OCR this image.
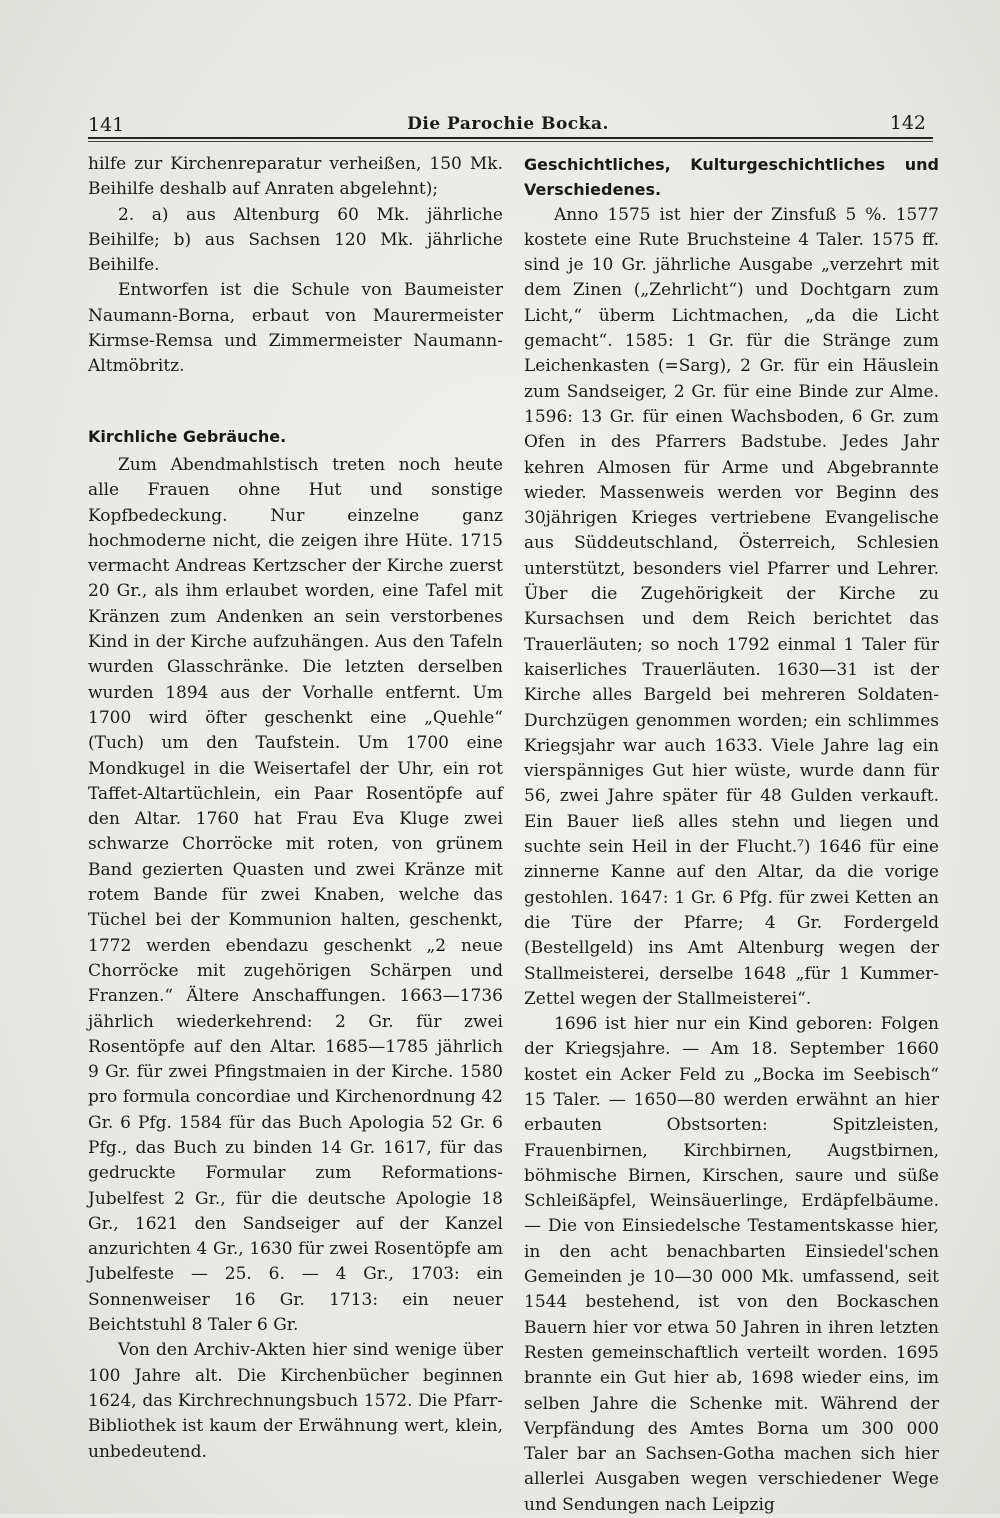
141	Die Parochie Bocka.	142

hilfe zur Kirchenreparatur verheißen, 150 Mk. Beihilfe deshalb auf Anraten abgelehnt);

2. a) aus Altenburg 60 Mk. jährliche Beihilfe; b) aus Sachsen 120 Mk. jährliche Beihilfe.

Entworfen ist die Schule von Baumeister Naumann-Borna, erbaut von Maurermeister Kirmse-Remsa und Zimmermeister Naumann-Altmöbritz.

Kirchliche Gebräuche.

Zum Abendmahlstisch treten noch heute alle Frauen ohne Hut und sonstige Kopfbedeckung. Nur einzelne ganz hochmoderne nicht, die zeigen ihre Hüte. 1715 vermacht Andreas Kertzscher der Kirche zuerst 20 Gr., als ihm erlaubet worden, eine Tafel mit Kränzen zum Andenken an sein verstorbenes Kind in der Kirche aufzuhängen. Aus den Tafeln wurden Glasschränke. Die letzten derselben wurden 1894 aus der Vorhalle entfernt. Um 1700 wird öfter geschenkt eine „Quehle“ (Tuch) um den Taufstein. Um 1700 eine Mondkugel in die Weisertafel der Uhr, ein rot Taffet-Altartüchlein, ein Paar Rosentöpfe auf den Altar. 1760 hat Frau Eva Kluge zwei schwarze Chorröcke mit roten, von grünem Band gezierten Quasten und zwei Kränze mit rotem Bande für zwei Knaben, welche das Tüchel bei der Kommunion halten, geschenkt, 1772 werden ebendazu geschenkt „2 neue Chorröcke mit zugehörigen Schärpen und Franzen.“ Ältere Anschaffungen. 1663—1736 jährlich wiederkehrend: 2 Gr. für zwei Rosentöpfe auf den Altar. 1685—1785 jährlich 9 Gr. für zwei Pfingstmaien in der Kirche. 1580 pro formula concordiae und Kirchenordnung 42 Gr. 6 Pfg. 1584 für das Buch Apologia 52 Gr. 6 Pfg., das Buch zu binden 14 Gr. 1617, für das gedruckte Formular zum Reformations-Jubelfest 2 Gr., für die deutsche Apologie 18 Gr., 1621 den Sandseiger auf der Kanzel anzurichten 4 Gr., 1630 für zwei Rosentöpfe am Jubelfeste — 25. 6. — 4 Gr., 1703: ein Sonnenweiser 16 Gr. 1713: ein neuer Beichtstuhl 8 Taler 6 Gr.

Von den Archiv-Akten hier sind wenige über 100 Jahre alt. Die Kirchenbücher beginnen 1624, das Kirchrechnungsbuch 1572. Die Pfarr-Bibliothek ist kaum der Erwähnung wert, klein, unbedeutend.

Geschichtliches, Kulturgeschichtliches und Verschiedenes.

Anno 1575 ist hier der Zinsfuß 5 %. 1577 kostete eine Rute Bruchsteine 4 Taler. 1575 ff. sind je 10 Gr. jährliche Ausgabe „verzehrt mit dem Zinen („Zehrlicht“) und Dochtgarn zum Licht,“ überm Lichtmachen, „da die Licht gemacht“. 1585: 1 Gr. für die Stränge zum Leichenkasten (=Sarg), 2 Gr. für ein Häuslein zum Sandseiger, 2 Gr. für eine Binde zur Alme. 1596: 13 Gr. für einen Wachsboden, 6 Gr. zum Ofen in des Pfarrers Badstube. Jedes Jahr kehren Almosen für Arme und Abgebrannte wieder. Massenweis werden vor Beginn des 30jährigen Krieges vertriebene Evangelische aus Süddeutschland, Österreich, Schlesien unterstützt, besonders viel Pfarrer und Lehrer. Über die Zugehörigkeit der Kirche zu Kursachsen und dem Reich berichtet das Trauerläuten; so noch 1792 einmal 1 Taler für kaiserliches Trauerläuten. 1630—31 ist der Kirche alles Bargeld bei mehreren Soldaten-Durchzügen genommen worden; ein schlimmes Kriegsjahr war auch 1633. Viele Jahre lag ein vierspänniges Gut hier wüste, wurde dann für 56, zwei Jahre später für 48 Gulden verkauft. Ein Bauer ließ alles stehn und liegen und suchte sein Heil in der Flucht.⁷) 1646 für eine zinnerne Kanne auf den Altar, da die vorige gestohlen. 1647: 1 Gr. 6 Pfg. für zwei Ketten an die Türe der Pfarre; 4 Gr. Fordergeld (Bestellgeld) ins Amt Altenburg wegen der Stallmeisterei, derselbe 1648 „für 1 Kummer-Zettel wegen der Stallmeisterei“.

1696 ist hier nur ein Kind geboren: Folgen der Kriegsjahre. — Am 18. September 1660 kostet ein Acker Feld zu „Bocka im Seebisch“ 15 Taler. — 1650—80 werden erwähnt an hier erbauten Obstsorten: Spitzleisten, Frauenbirnen, Kirchbirnen, Augstbirnen, böhmische Birnen, Kirschen, saure und süße Schleißäpfel, Weinsäuerlinge, Erdäpfelbäume. — Die von Einsiedelsche Testamentskasse hier, in den acht benachbarten Einsiedel'schen Gemeinden je 10—30 000 Mk. umfassend, seit 1544 bestehend, ist von den Bockaschen Bauern hier vor etwa 50 Jahren in ihren letzten Resten gemeinschaftlich verteilt worden. 1695 brannte ein Gut hier ab, 1698 wieder eins, im selben Jahre die Schenke mit. Während der Verpfändung des Amtes Borna um 300 000 Taler bar an Sachsen-Gotha machen sich hier allerlei Ausgaben wegen verschiedener Wege und Sendungen nach Leipzig
